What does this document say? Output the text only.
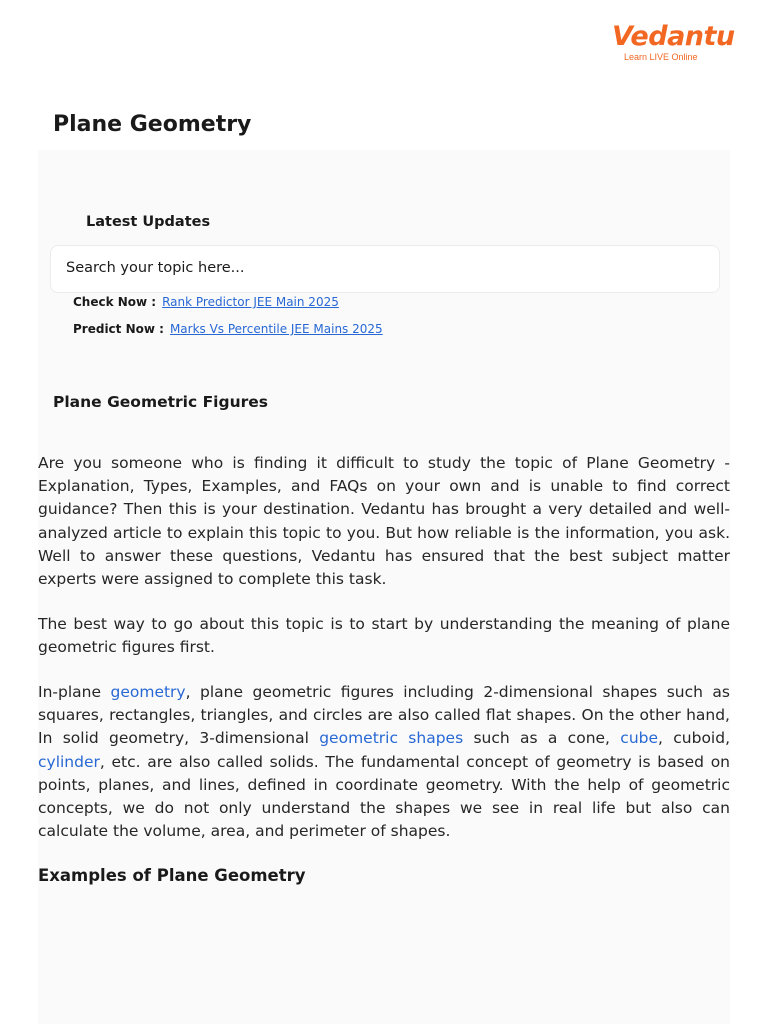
Vedantu
Learn LIVE Online
Plane Geometry
Latest Updates
Search your topic here...
Check Now : Rank Predictor JEE Main 2025
Predict Now : Marks Vs Percentile JEE Mains 2025
Plane Geometric Figures

Are you someone who is finding it difficult to study the topic of Plane Geometry - Explanation, Types, Examples, and FAQs on your own and is unable to find correct guidance? Then this is your destination. Vedantu has brought a very detailed and well-analyzed article to explain this topic to you. But how reliable is the information, you ask. Well to answer these questions, Vedantu has ensured that the best subject matter experts were assigned to complete this task.

The best way to go about this topic is to start by understanding the meaning of plane geometric figures first.

In-plane geometry, plane geometric figures including 2-dimensional shapes such as squares, rectangles, triangles, and circles are also called flat shapes. On the other hand, In solid geometry, 3-dimensional geometric shapes such as a cone, cube, cuboid, cylinder, etc. are also called solids. The fundamental concept of geometry is based on points, planes, and lines, defined in coordinate geometry. With the help of geometric concepts, we do not only understand the shapes we see in real life but also can calculate the volume, area, and perimeter of shapes.

Examples of Plane Geometry
